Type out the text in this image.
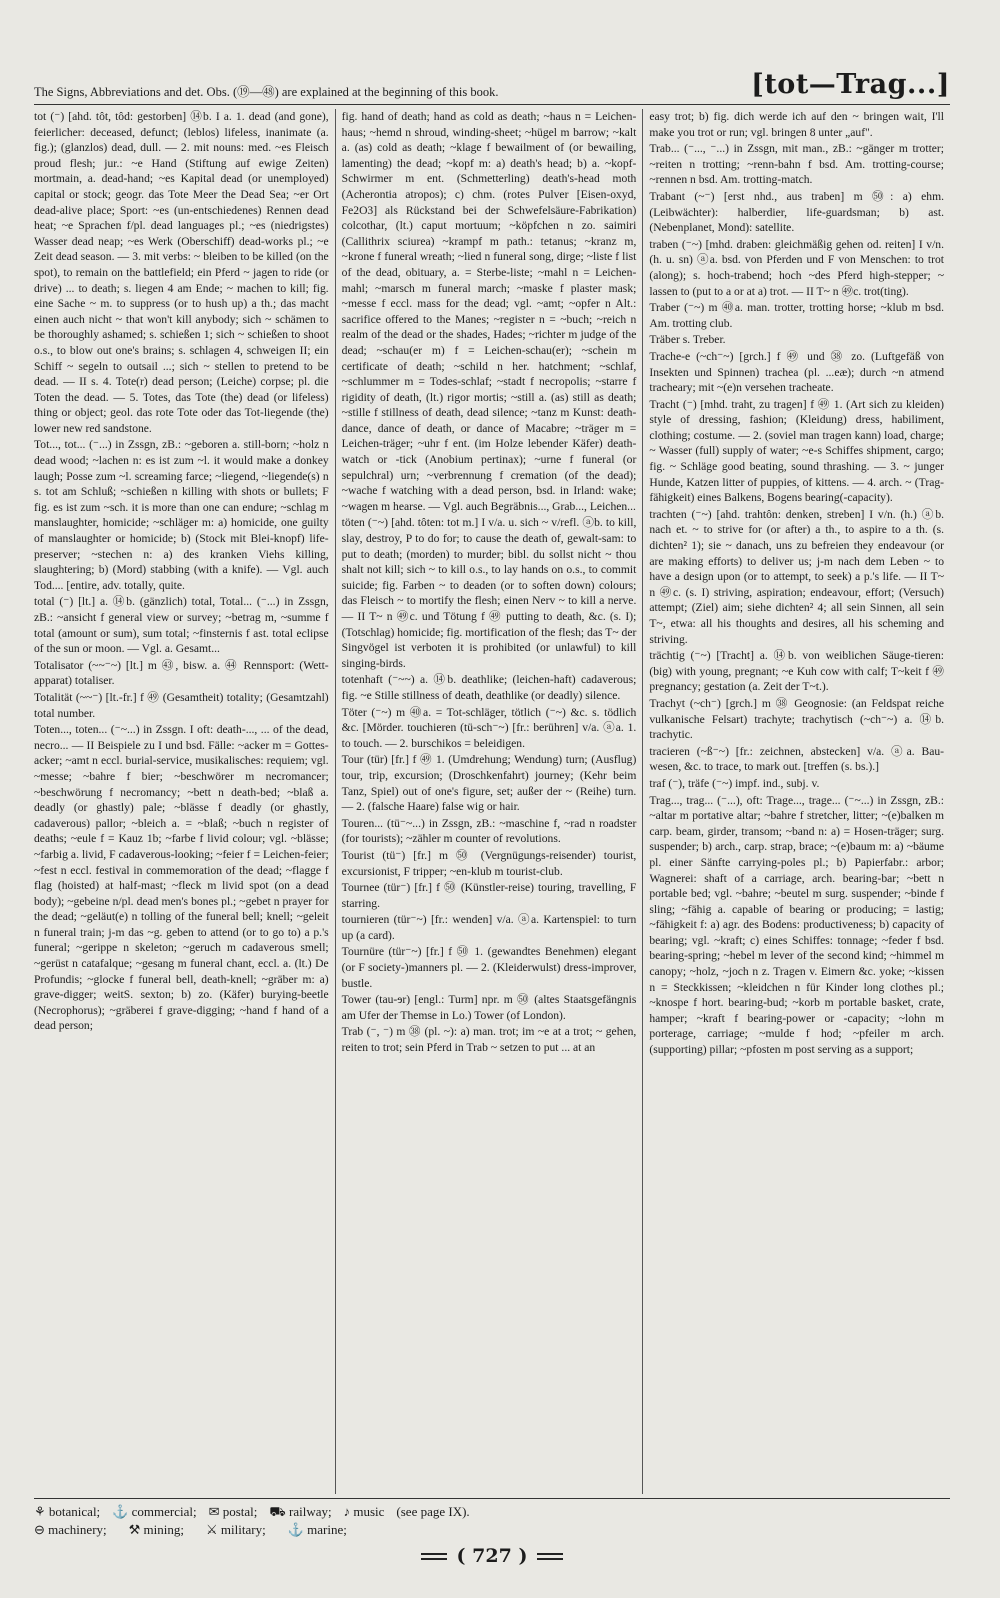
The Signs, Abbreviations and det. Obs. (⑲—㊽) are explained at the beginning of this book.	[tot—Trag...]

tot (⁻) [ahd. tôt, tôd: gestorben] ⑭b. I a. 1. dead (and gone), feierlicher: deceased, defunct; (leblos) lifeless, inanimate (a. fig.); (glanzlos) dead, dull. — 2. mit nouns: med. ~es Fleisch proud flesh; jur.: ~e Hand (Stiftung auf ewige Zeiten) mortmain, a. dead-hand; ~es Kapital dead (or unemployed) capital or stock; geogr. das Tote Meer the Dead Sea; ~er Ort dead-alive place; Sport: ~es (un-entschiedenes) Rennen dead heat; ~e Sprachen f/pl. dead languages pl.; ~es (niedrigstes) Wasser dead neap; ~es Werk (Oberschiff) dead-works pl.; ~e Zeit dead season. — 3. mit verbs: ~ bleiben to be killed (on the spot), to remain on the battlefield; ein Pferd ~ jagen to ride (or drive) ... to death; s. liegen 4 am Ende; ~ machen to kill; fig. eine Sache ~ m. to suppress (or to hush up) a th.; das macht einen auch nicht ~ that won't kill anybody; sich ~ schämen to be thoroughly ashamed; s. schießen 1; sich ~ schießen to shoot o.s., to blow out one's brains; s. schlagen 4, schweigen II; ein Schiff ~ segeln to outsail ...; sich ~ stellen to pretend to be dead. — II s. 4. Tote(r) dead person; (Leiche) corpse; pl. die Toten the dead. — 5. Totes, das Tote (the) dead (or lifeless) thing or object; geol. das rote Tote oder das Tot-liegende (the) lower new red sandstone.

Tot..., tot... (⁻...) in Zssgn, zB.: ~geboren a. still-born; ~holz n dead wood; ~lachen n: es ist zum ~l. it would make a donkey laugh; Posse zum ~l. screaming farce; ~liegend, ~liegende(s) n s. tot am Schluß; ~schießen n killing with shots or bullets; F fig. es ist zum ~sch. it is more than one can endure; ~schlag m manslaughter, homicide; ~schläger m: a) homicide, one guilty of manslaughter or homicide; b) (Stock mit Blei-knopf) life-preserver; ~stechen n: a) des kranken Viehs killing, slaughtering; b) (Mord) stabbing (with a knife). — Vgl. auch Tod.... [entire, adv. totally, quite.

total (⁻) [lt.] a. ⑭b. (gänzlich) total, Total... (⁻...) in Zssgn, zB.: ~ansicht f general view or survey; ~betrag m, ~summe f total (amount or sum), sum total; ~finsternis f ast. total eclipse of the sun or moon. — Vgl. a. Gesamt...

Totalisator (~~⁻~) [lt.] m ㊸, bisw. a. ㊹ Rennsport: (Wett-apparat) totaliser.

Totalität (~~⁻) [lt.-fr.] f ㊾ (Gesamtheit) totality; (Gesamtzahl) total number.

Toten..., toten... (⁻~...) in Zssgn. I oft: death-..., ... of the dead, necro... — II Beispiele zu I und bsd. Fälle: ~acker m = Gottes-acker; ~amt n eccl. burial-service, musikalisches: requiem; vgl. ~messe; ~bahre f bier; ~beschwörer m necromancer; ~beschwörung f necromancy; ~bett n death-bed; ~blaß a. deadly (or ghastly) pale; ~blässe f deadly (or ghastly, cadaverous) pallor; ~bleich a. = ~blaß; ~buch n register of deaths; ~eule f = Kauz 1b; ~farbe f livid colour; vgl. ~blässe; ~farbig a. livid, F cadaverous-looking; ~feier f = Leichen-feier; ~fest n eccl. festival in commemoration of the dead; ~flagge f flag (hoisted) at half-mast; ~fleck m livid spot (on a dead body); ~gebeine n/pl. dead men's bones pl.; ~gebet n prayer for the dead; ~geläut(e) n tolling of the funeral bell; knell; ~geleit n funeral train; j-m das ~g. geben to attend (or to go to) a p.'s funeral; ~gerippe n skeleton; ~geruch m cadaverous smell; ~gerüst n catafalque; ~gesang m funeral chant, eccl. a. (lt.) De Profundis; ~glocke f funeral bell, death-knell; ~gräber m: a) grave-digger; weitS. sexton; b) zo. (Käfer) burying-beetle (Necrophorus); ~gräberei f grave-digging; ~hand f hand of a dead person;

fig. hand of death; hand as cold as death; ~haus n = Leichen-haus; ~hemd n shroud, winding-sheet; ~hügel m barrow; ~kalt a. (as) cold as death; ~klage f bewailment of (or bewailing, lamenting) the dead; ~kopf m: a) death's head; b) a. ~kopf-Schwirmer m ent. (Schmetterling) death's-head moth (Acherontia atropos); c) chm. (rotes Pulver [Eisen-oxyd, Fe2O3] als Rückstand bei der Schwefelsäure-Fabrikation) colcothar, (lt.) caput mortuum; ~köpfchen n zo. saimiri (Callithrix sciurea) ~krampf m path.: tetanus; ~kranz m, ~krone f funeral wreath; ~lied n funeral song, dirge; ~liste f list of the dead, obituary, a. = Sterbe-liste; ~mahl n = Leichen-mahl; ~marsch m funeral march; ~maske f plaster mask; ~messe f eccl. mass for the dead; vgl. ~amt; ~opfer n Alt.: sacrifice offered to the Manes; ~register n = ~buch; ~reich n realm of the dead or the shades, Hades; ~richter m judge of the dead; ~schau(er m) f = Leichen-schau(er); ~schein m certificate of death; ~schild n her. hatchment; ~schlaf, ~schlummer m = Todes-schlaf; ~stadt f necropolis; ~starre f rigidity of death, (lt.) rigor mortis; ~still a. (as) still as death; ~stille f stillness of death, dead silence; ~tanz m Kunst: death-dance, dance of death, or dance of Macabre; ~träger m = Leichen-träger; ~uhr f ent. (im Holze lebender Käfer) death-watch or -tick (Anobium pertinax); ~urne f funeral (or sepulchral) urn; ~verbrennung f cremation (of the dead); ~wache f watching with a dead person, bsd. in Irland: wake; ~wagen m hearse. — Vgl. auch Begräbnis..., Grab..., Leichen...

töten (⁻~) [ahd. tôten: tot m.] I v/a. u. sich ~ v/refl. ⓐb. to kill, slay, destroy, P to do for; to cause the death of, gewalt-sam: to put to death; (morden) to murder; bibl. du sollst nicht ~ thou shalt not kill; sich ~ to kill o.s., to lay hands on o.s., to commit suicide; fig. Farben ~ to deaden (or to soften down) colours; das Fleisch ~ to mortify the flesh; einen Nerv ~ to kill a nerve. — II T~ n ㊾c. und Tötung f ㊾ putting to death, &c. (s. I); (Totschlag) homicide; fig. mortification of the flesh; das T~ der Singvögel ist verboten it is prohibited (or unlawful) to kill singing-birds.

totenhaft (⁻~~) a. ⑭b. deathlike; (leichen-haft) cadaverous; fig. ~e Stille stillness of death, deathlike (or deadly) silence.

Töter (⁻~) m ㊵a. = Tot-schläger, tötlich (⁻~) &c. s. tödlich &c. [Mörder. touchieren (tü-sch⁻~) [fr.: berühren] v/a. ⓐa. 1. to touch. — 2. burschikos = beleidigen.

Tour (tür) [fr.] f ㊾ 1. (Umdrehung; Wendung) turn; (Ausflug) tour, trip, excursion; (Droschkenfahrt) journey; (Kehr beim Tanz, Spiel) out of one's figure, set; außer der ~ (Reihe) turn. — 2. (falsche Haare) false wig or hair.

Touren... (tü⁻~...) in Zssgn, zB.: ~maschine f, ~rad n roadster (for tourists); ~zähler m counter of revolutions.

Tourist (tü⁻) [fr.] m ㊿ (Vergnügungs-reisender) tourist, excursionist, F tripper; ~en-klub m tourist-club.

Tournee (tür⁻) [fr.] f ㊿ (Künstler-reise) touring, travelling, F starring.

tournieren (tür⁻~) [fr.: wenden] v/a. ⓐa. Kartenspiel: to turn up (a card).

Tournüre (tür⁻~) [fr.] f ㊿ 1. (gewandtes Benehmen) elegant (or F society-)manners pl. — 2. (Kleiderwulst) dress-improver, bustle.

Tower (tau-ɘr) [engl.: Turm] npr. m ㊿ (altes Staatsgefängnis am Ufer der Themse in Lo.) Tower (of London).

Trab (⁻, ⁻) m ㊳ (pl. ~): a) man. trot; im ~e at a trot; ~ gehen, reiten to trot; sein Pferd in Trab ~ setzen to put ... at an

easy trot; b) fig. dich werde ich auf den ~ bringen wait, I'll make you trot or run; vgl. bringen 8 unter „auf".

Trab... (⁻..., ⁻...) in Zssgn, mit man., zB.: ~gänger m trotter; ~reiten n trotting; ~renn-bahn f bsd. Am. trotting-course; ~rennen n bsd. Am. trotting-match.

Trabant (~⁻) [erst nhd., aus traben] m ㊿: a) ehm. (Leibwächter): halberdier, life-guardsman; b) ast. (Nebenplanet, Mond): satellite.

traben (⁻~) [mhd. draben: gleichmäßig gehen od. reiten] I v/n. (h. u. sn) ⓐa. bsd. von Pferden und F von Menschen: to trot (along); s. hoch-trabend; hoch ~des Pferd high-stepper; ~ lassen to (put to a or at a) trot. — II T~ n ㊾c. trot(ting).

Traber (⁻~) m ㊵a. man. trotter, trotting horse; ~klub m bsd. Am. trotting club.

Träber s. Treber.

Trache-e (~ch⁻~) [grch.] f ㊾ und ㊳ zo. (Luftgefäß von Insekten und Spinnen) trachea (pl. ...eæ); durch ~n atmend tracheary; mit ~(e)n versehen tracheate.

Tracht (⁻) [mhd. traht, zu tragen] f ㊾ 1. (Art sich zu kleiden) style of dressing, fashion; (Kleidung) dress, habiliment, clothing; costume. — 2. (soviel man tragen kann) load, charge; ~ Wasser (full) supply of water; ~e-s Schiffes shipment, cargo; fig. ~ Schläge good beating, sound thrashing. — 3. ~ junger Hunde, Katzen litter of puppies, of kittens. — 4. arch. ~ (Trag-fähigkeit) eines Balkens, Bogens bearing(-capacity).

trachten (⁻~) [ahd. trahtôn: denken, streben] I v/n. (h.) ⓐb. nach et. ~ to strive for (or after) a th., to aspire to a th. (s. dichten² 1); sie ~ danach, uns zu befreien they endeavour (or are making efforts) to deliver us; j-m nach dem Leben ~ to have a design upon (or to attempt, to seek) a p.'s life. — II T~ n ㊾c. (s. I) striving, aspiration; endeavour, effort; (Versuch) attempt; (Ziel) aim; siehe dichten² 4; all sein Sinnen, all sein T~, etwa: all his thoughts and desires, all his scheming and striving.

trächtig (⁻~) [Tracht] a. ⑭b. von weiblichen Säuge-tieren: (big) with young, pregnant; ~e Kuh cow with calf; T~keit f ㊾ pregnancy; gestation (a. Zeit der T~t.).

Trachyt (~ch⁻) [grch.] m ㊳ Geognosie: (an Feldspat reiche vulkanische Felsart) trachyte; trachytisch (~ch⁻~) a. ⑭b. trachytic.

tracieren (~ß⁻~) [fr.: zeichnen, abstecken] v/a. ⓐa. Bau-wesen, &c. to trace, to mark out. [treffen (s. bs.).]

traf (⁻), träfe (⁻~) impf. ind., subj. v.

Trag..., trag... (⁻...), oft: Trage..., trage... (⁻~...) in Zssgn, zB.: ~altar m portative altar; ~bahre f stretcher, litter; ~(e)balken m carp. beam, girder, transom; ~band n: a) = Hosen-träger; surg. suspender; b) arch., carp. strap, brace; ~(e)baum m: a) ~bäume pl. einer Sänfte carrying-poles pl.; b) Papierfabr.: arbor; Wagnerei: shaft of a carriage, arch. bearing-bar; ~bett n portable bed; vgl. ~bahre; ~beutel m surg. suspender; ~binde f sling; ~fähig a. capable of bearing or producing; = lastig; ~fähigkeit f: a) agr. des Bodens: productiveness; b) capacity of bearing; vgl. ~kraft; c) eines Schiffes: tonnage; ~feder f bsd. bearing-spring; ~hebel m lever of the second kind; ~himmel m canopy; ~holz, ~joch n z. Tragen v. Eimern &c. yoke; ~kissen n = Steckkissen; ~kleidchen n für Kinder long clothes pl.; ~knospe f hort. bearing-bud; ~korb m portable basket, crate, hamper; ~kraft f bearing-power or -capacity; ~lohn m porterage, carriage; ~mulde f hod; ~pfeiler m arch. (supporting) pillar; ~pfosten m post serving as a support;

⚘ botanical; ⚓ commercial; ✉ postal; ⛟ railway; ♪ music (see page IX).
⊖ machinery; ⚒ mining; ⚔ military; ⚓ marine;
( 727 )
